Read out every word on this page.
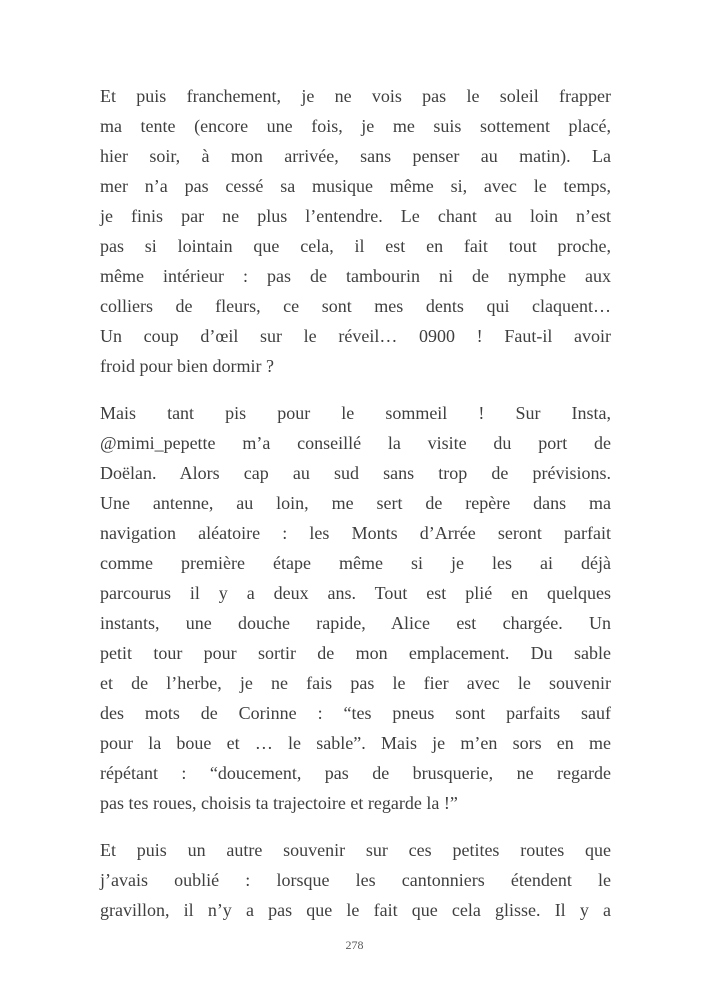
Et puis franchement, je ne vois pas le soleil frapper
ma tente (encore une fois, je me suis sottement placé,
hier soir, à mon arrivée, sans penser au matin). La
mer n’a pas cessé sa musique même si, avec le temps,
je finis par ne plus l’entendre. Le chant au loin n’est
pas si lointain que cela, il est en fait tout proche,
même intérieur : pas de tambourin ni de nymphe aux
colliers de fleurs, ce sont mes dents qui claquent…
Un coup d’œil sur le réveil… 0900 ! Faut-il avoir
froid pour bien dormir ?
Mais tant pis pour le sommeil ! Sur Insta,
@mimi_pepette m’a conseillé la visite du port de
Doëlan. Alors cap au sud sans trop de prévisions.
Une antenne, au loin, me sert de repère dans ma
navigation aléatoire : les Monts d’Arrée seront parfait
comme première étape même si je les ai déjà
parcourus il y a deux ans. Tout est plié en quelques
instants, une douche rapide, Alice est chargée. Un
petit tour pour sortir de mon emplacement. Du sable
et de l’herbe, je ne fais pas le fier avec le souvenir
des mots de Corinne : “tes pneus sont parfaits sauf
pour la boue et … le sable”. Mais je m’en sors en me
répétant : “doucement, pas de brusquerie, ne regarde
pas tes roues, choisis ta trajectoire et regarde la !”
Et puis un autre souvenir sur ces petites routes que
j’avais oublié : lorsque les cantonniers étendent le
gravillon, il n’y a pas que le fait que cela glisse. Il y a
278
